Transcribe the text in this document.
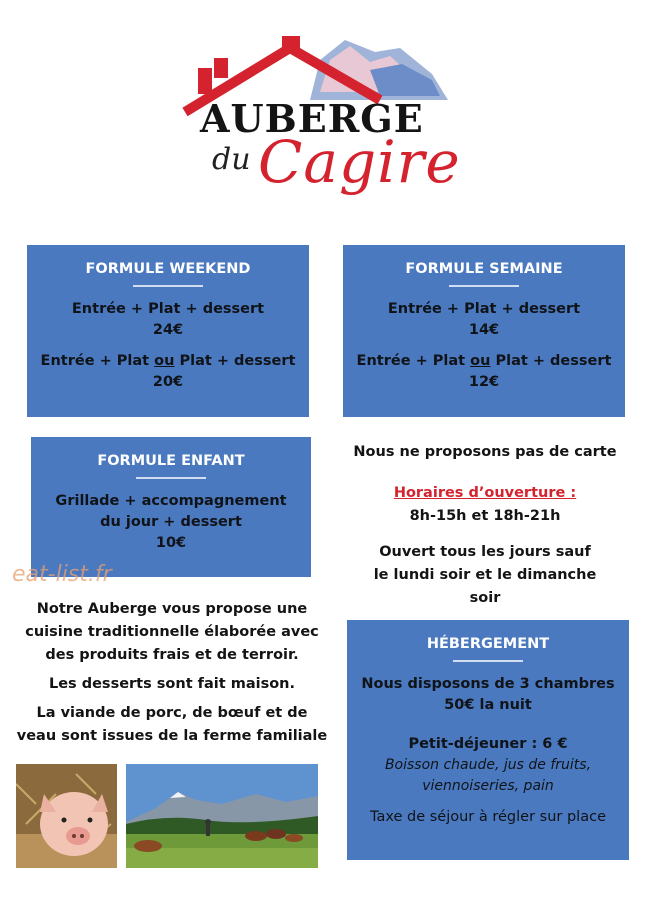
AUBERGE
du Cagire
FORMULE WEEKEND
Entrée + Plat + dessert
24€
Entrée + Plat ou Plat + dessert
20€
FORMULE SEMAINE
Entrée + Plat + dessert
14€
Entrée + Plat ou Plat + dessert
12€
FORMULE ENFANT
Grillade + accompagnement
du jour + dessert
10€
eat-list.fr
Nous ne proposons pas de carte
Horaires d’ouverture :
8h-15h et 18h-21h
Ouvert tous les jours sauf
le lundi soir et le dimanche
soir
Notre Auberge vous propose une
cuisine traditionnelle élaborée avec
des produits frais et de terroir.
Les desserts sont fait maison.
La viande de porc, de bœuf et de
veau sont issues de la ferme familiale
HÉBERGEMENT
Nous disposons de 3 chambres
50€ la nuit
Petit-déjeuner : 6 €
Boisson chaude, jus de fruits,
viennoiseries, pain
Taxe de séjour à régler sur place
